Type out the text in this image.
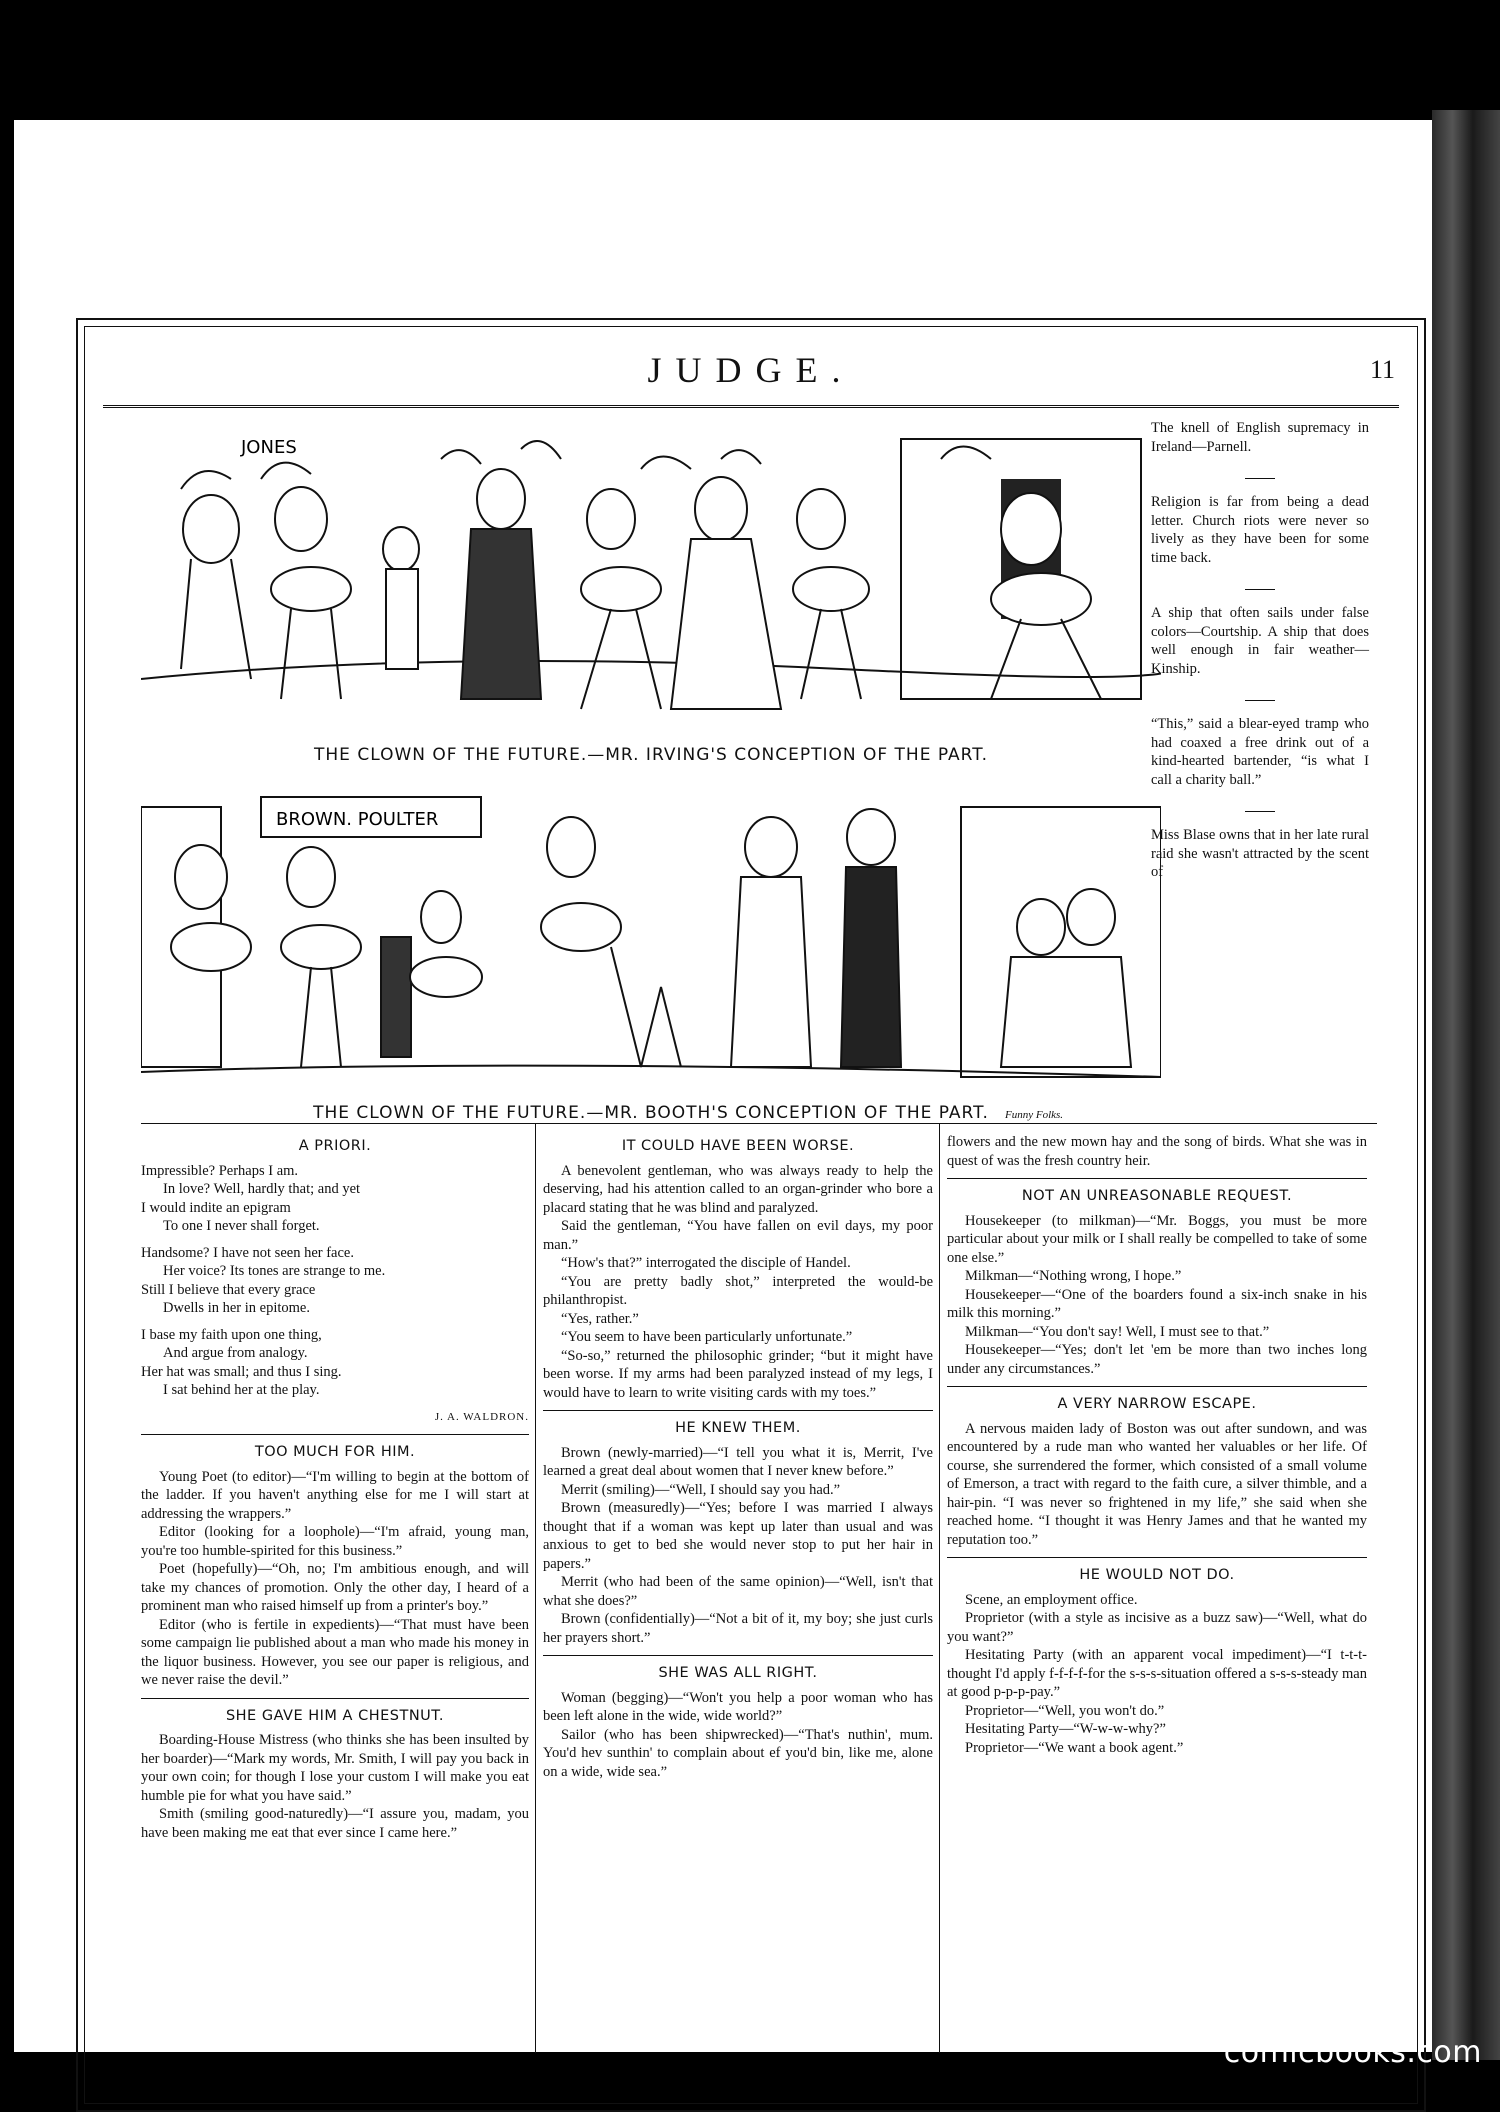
JUDGE.	11
JONES
THE CLOWN OF THE FUTURE.—MR. IRVING'S CONCEPTION OF THE PART.
BROWN. POULTER
THE CLOWN OF THE FUTURE.—MR. BOOTH'S CONCEPTION OF THE PART.	Funny Folks.

The knell of English supremacy in Ireland—Parnell.

Religion is far from being a dead letter. Church riots were never so lively as they have been for some time back.

A ship that often sails under false colors—Courtship. A ship that does well enough in fair weather—Kinship.

“This,” said a blear-eyed tramp who had coaxed a free drink out of a kind-hearted bartender, “is what I call a charity ball.”

Miss Blase owns that in her late rural raid she wasn't attracted by the scent of

A PRIORI.
Impressible? Perhaps I am.
In love? Well, hardly that; and yet
I would indite an epigram
To one I never shall forget.
Handsome? I have not seen her face.
Her voice? Its tones are strange to me.
Still I believe that every grace
Dwells in her in epitome.
I base my faith upon one thing,
And argue from analogy.
Her hat was small; and thus I sing.
I sat behind her at the play.
J. A. WALDRON.
TOO MUCH FOR HIM.

Young Poet (to editor)—“I'm willing to begin at the bottom of the ladder. If you haven't anything else for me I will start at addressing the wrappers.”

Editor (looking for a loophole)—“I'm afraid, young man, you're too humble-spirited for this business.”

Poet (hopefully)—“Oh, no; I'm ambitious enough, and will take my chances of promotion. Only the other day, I heard of a prominent man who raised himself up from a printer's boy.”

Editor (who is fertile in expedients)—“That must have been some campaign lie published about a man who made his money in the liquor business. However, you see our paper is religious, and we never raise the devil.”

SHE GAVE HIM A CHESTNUT.

Boarding-House Mistress (who thinks she has been insulted by her boarder)—“Mark my words, Mr. Smith, I will pay you back in your own coin; for though I lose your custom I will make you eat humble pie for what you have said.”

Smith (smiling good-naturedly)—“I assure you, madam, you have been making me eat that ever since I came here.”

IT COULD HAVE BEEN WORSE.

A benevolent gentleman, who was always ready to help the deserving, had his attention called to an organ-grinder who bore a placard stating that he was blind and paralyzed.

Said the gentleman, “You have fallen on evil days, my poor man.”

“How's that?” interrogated the disciple of Handel.

“You are pretty badly shot,” interpreted the would-be philanthropist.

“Yes, rather.”

“You seem to have been particularly unfortunate.”

“So-so,” returned the philosophic grinder; “but it might have been worse. If my arms had been paralyzed instead of my legs, I would have to learn to write visiting cards with my toes.”

HE KNEW THEM.

Brown (newly-married)—“I tell you what it is, Merrit, I've learned a great deal about women that I never knew before.”

Merrit (smiling)—“Well, I should say you had.”

Brown (measuredly)—“Yes; before I was married I always thought that if a woman was kept up later than usual and was anxious to get to bed she would never stop to put her hair in papers.”

Merrit (who had been of the same opinion)—“Well, isn't that what she does?”

Brown (confidentially)—“Not a bit of it, my boy; she just curls her prayers short.”

SHE WAS ALL RIGHT.

Woman (begging)—“Won't you help a poor woman who has been left alone in the wide, wide world?”

Sailor (who has been shipwrecked)—“That's nuthin', mum. You'd hev sunthin' to complain about ef you'd bin, like me, alone on a wide, wide sea.”

flowers and the new mown hay and the song of birds. What she was in quest of was the fresh country heir.

NOT AN UNREASONABLE REQUEST.

Housekeeper (to milkman)—“Mr. Boggs, you must be more particular about your milk or I shall really be compelled to take of some one else.”

Milkman—“Nothing wrong, I hope.”

Housekeeper—“One of the boarders found a six-inch snake in his milk this morning.”

Milkman—“You don't say! Well, I must see to that.”

Housekeeper—“Yes; don't let 'em be more than two inches long under any circumstances.”

A VERY NARROW ESCAPE.

A nervous maiden lady of Boston was out after sundown, and was encountered by a rude man who wanted her valuables or her life. Of course, she surrendered the former, which consisted of a small volume of Emerson, a tract with regard to the faith cure, a silver thimble, and a hair-pin. “I was never so frightened in my life,” she said when she reached home. “I thought it was Henry James and that he wanted my reputation too.”

HE WOULD NOT DO.

Scene, an employment office.

Proprietor (with a style as incisive as a buzz saw)—“Well, what do you want?”

Hesitating Party (with an apparent vocal impediment)—“I t-t-t-thought I'd apply f-f-f-f-for the s-s-s-situation offered a s-s-s-steady man at good p-p-p-pay.”

Proprietor—“Well, you won't do.”

Hesitating Party—“W-w-w-why?”

Proprietor—“We want a book agent.”

comicbooks.com
